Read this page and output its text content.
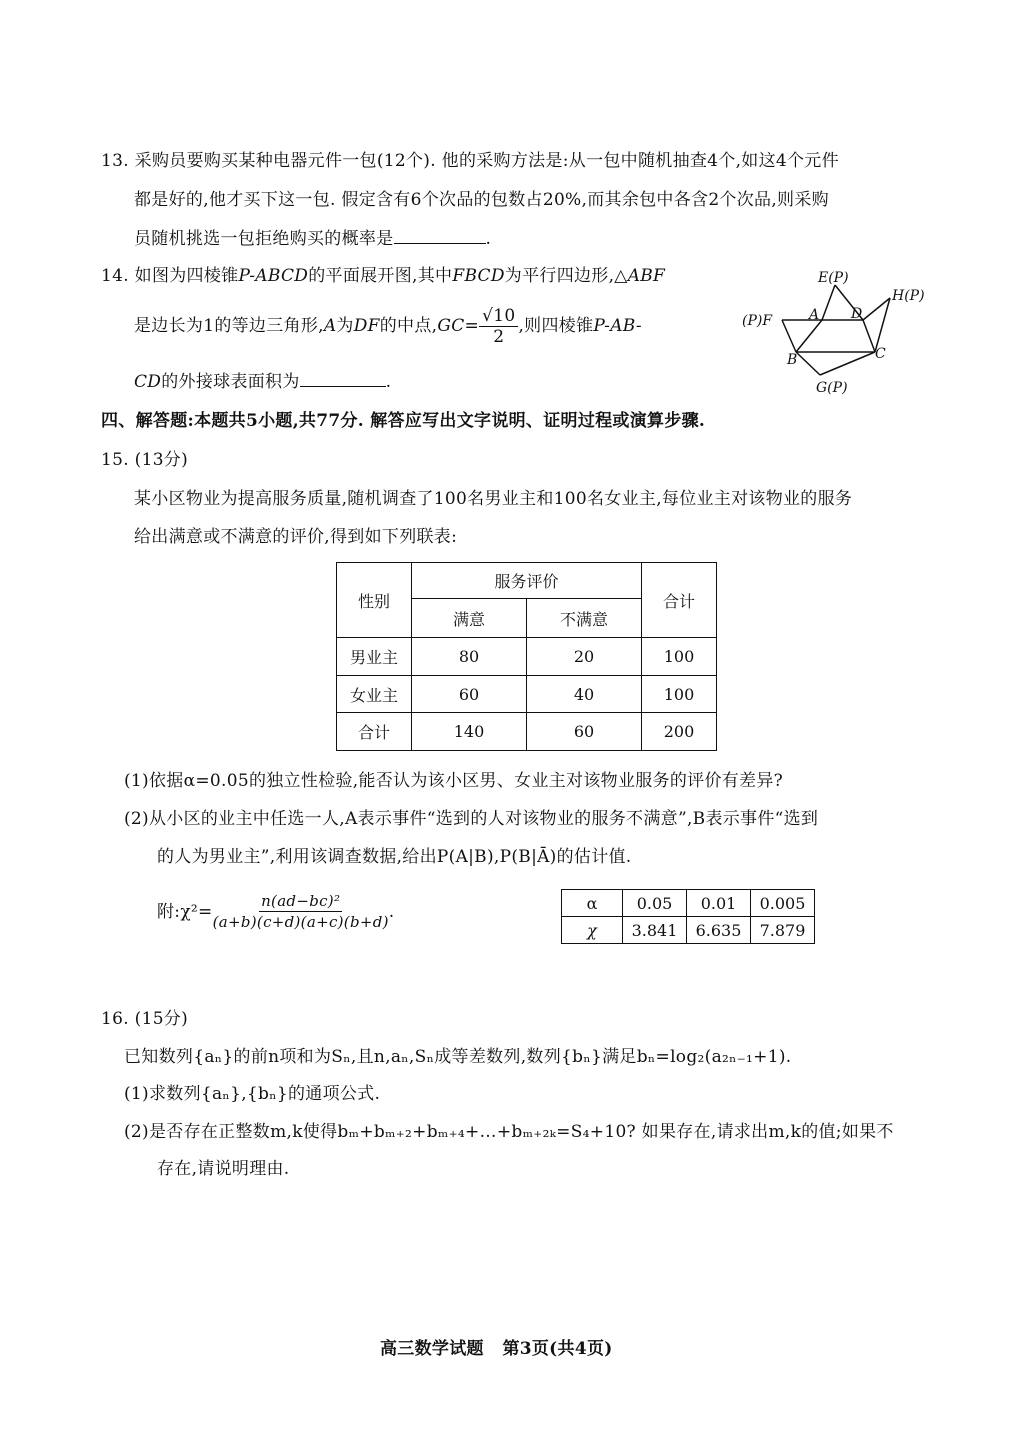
13. 采购员要购买某种电器元件一包(12个). 他的采购方法是:从一包中随机抽查4个,如这4个元件
都是好的,他才买下这一包. 假定含有6个次品的包数占20%,而其余包中各含2个次品,则采购
员随机挑选一包拒绝购买的概率是	.
14. 如图为四棱锥P-ABCD的平面展开图,其中FBCD为平行四边形,△ABF
是边长为1的等边三角形,A为DF的中点$,GC= \frac{√10}{2}$ ,则四棱锥P-AB-
CD的外接球表面积为	.
E(P)
H(P)
(P)F	A D
B	C
G(P)
四、解答题:本题共5小题,共77分. 解答应写出文字说明、证明过程或演算步骤.
15. (13分)
某小区物业为提高服务质量,随机调查了100名男业主和100名女业主,每位业主对该物业的服务
给出满意或不满意的评价,得到如下列联表:
性别	服务评价		合计
	满意	不满意	
男业主	80	20	100
女业主	60	40	100
合计	140	60	200
(1)依据α=0.05的独立性检验,能否认为该小区男、女业主对该物业服务的评价有差异?
(2)从小区的业主中任选一人,A表示事件“选到的人对该物业的服务不满意”,B表示事件“选到
的人为男业主”,利用该调查数据,给出P(A|B),P(B|Ā)的估计值.
附:χ²= $\frac{\text{n(ad−bc)²}}{(a+b)(c+d)(a+c)(b+d)}$ .	α	0.05	0.01	0.005
χ	3.841	6.635	7.879
16. (15分)
已知数列{aₙ}的前n项和为Sₙ,且n,aₙ,Sₙ成等差数列,数列{bₙ}满足bₙ=log₂(a₂ₙ₋₁+1).
(1)求数列{aₙ},{bₙ}的通项公式.
(2)是否存在正整数m,k使得bₘ+bₘ₊₂+bₘ₊₄+…+bₘ₊₂ₖ=S₄+10? 如果存在,请求出m,k的值;如果不
存在,请说明理由.
高三数学试题   第3页(共4页)
